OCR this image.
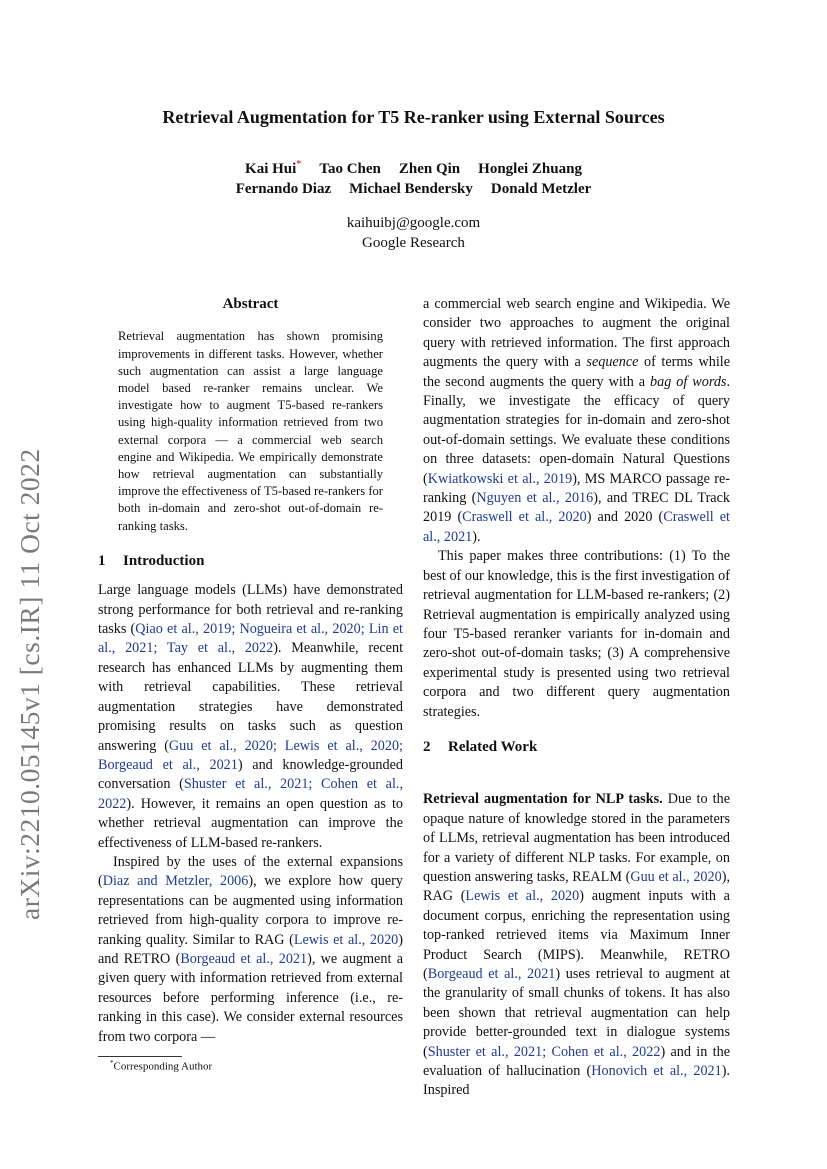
arXiv:2210.05145v1 [cs.IR] 11 Oct 2022
Retrieval Augmentation for T5 Re-ranker using External Sources
Kai Hui* Tao Chen Zhen Qin Honglei Zhuang
Fernando Diaz Michael Bendersky Donald Metzler
kaihuibj@google.com
Google Research
Abstract

Retrieval augmentation has shown promising improvements in different tasks. However, whether such augmentation can assist a large language model based re-ranker remains unclear. We investigate how to augment T5-based re-rankers using high-quality information retrieved from two external corpora — a commercial web search engine and Wikipedia. We empirically demonstrate how retrieval augmentation can substantially improve the effectiveness of T5-based re-rankers for both in-domain and zero-shot out-of-domain re-ranking tasks.

1 Introduction

Large language models (LLMs) have demonstrated strong performance for both retrieval and re-ranking tasks (Qiao et al., 2019; Nogueira et al., 2020; Lin et al., 2021; Tay et al., 2022). Meanwhile, recent research has enhanced LLMs by augmenting them with retrieval capabilities. These retrieval augmentation strategies have demonstrated promising results on tasks such as question answering (Guu et al., 2020; Lewis et al., 2020; Borgeaud et al., 2021) and knowledge-grounded conversation (Shuster et al., 2021; Cohen et al., 2022). However, it remains an open question as to whether retrieval augmentation can improve the effectiveness of LLM-based re-rankers.

Inspired by the uses of the external expansions (Diaz and Metzler, 2006), we explore how query representations can be augmented using information retrieved from high-quality corpora to improve re-ranking quality. Similar to RAG (Lewis et al., 2020) and RETRO (Borgeaud et al., 2021), we augment a given query with information retrieved from external resources before performing inference (i.e., re-ranking in this case). We consider external resources from two corpora —

a commercial web search engine and Wikipedia. We consider two approaches to augment the original query with retrieved information. The first approach augments the query with a sequence of terms while the second augments the query with a bag of words. Finally, we investigate the efficacy of query augmentation strategies for in-domain and zero-shot out-of-domain settings. We evaluate these conditions on three datasets: open-domain Natural Questions (Kwiatkowski et al., 2019), MS MARCO passage re-ranking (Nguyen et al., 2016), and TREC DL Track 2019 (Craswell et al., 2020) and 2020 (Craswell et al., 2021).

This paper makes three contributions: (1) To the best of our knowledge, this is the first investigation of retrieval augmentation for LLM-based re-rankers; (2) Retrieval augmentation is empirically analyzed using four T5-based reranker variants for in-domain and zero-shot out-of-domain tasks; (3) A comprehensive experimental study is presented using two retrieval corpora and two different query augmentation strategies.

2 Related Work

Retrieval augmentation for NLP tasks. Due to the opaque nature of knowledge stored in the parameters of LLMs, retrieval augmentation has been introduced for a variety of different NLP tasks. For example, on question answering tasks, REALM (Guu et al., 2020), RAG (Lewis et al., 2020) augment inputs with a document corpus, enriching the representation using top-ranked retrieved items via Maximum Inner Product Search (MIPS). Meanwhile, RETRO (Borgeaud et al., 2021) uses retrieval to augment at the granularity of small chunks of tokens. It has also been shown that retrieval augmentation can help provide better-grounded text in dialogue systems (Shuster et al., 2021; Cohen et al., 2022) and in the evaluation of hallucination (Honovich et al., 2021). Inspired

*Corresponding Author
